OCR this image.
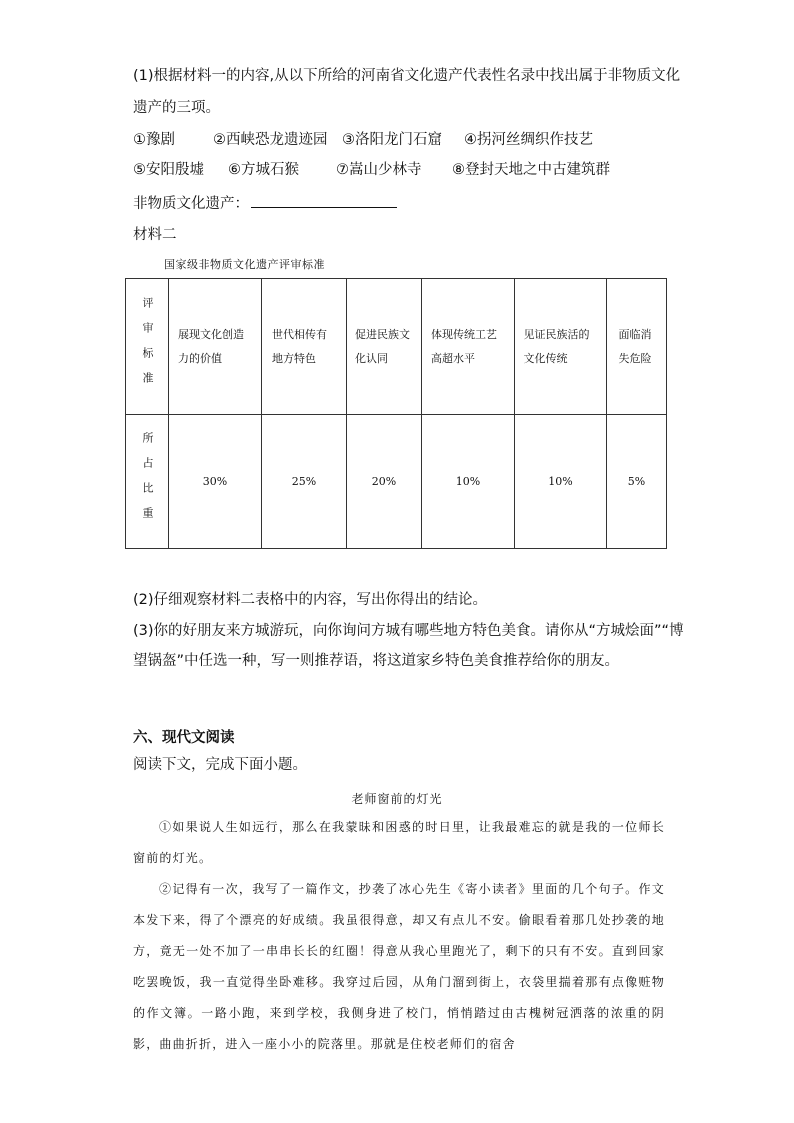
(1)根据材料一的内容,从以下所给的河南省文化遗产代表性名录中找出属于非物质文化
遗产的三项。
①豫剧	②西峡恐龙遗迹园 ③洛阳龙门石窟 ④拐河丝绸织作技艺
⑤安阳殷墟 ⑥方城石猴	⑦嵩山少林寺 ⑧登封天地之中古建筑群
非物质文化遗产：
材料二
国家级非物质文化遗产评审标准
评审标准	展现文化创造力的价值	世代相传有地方特色	促进民族文化认同	体现传统工艺高超水平	见证民族活的文化传统	面临消失危险

所占比重	30%	25%	20%	10%	10%	5%
(2)仔细观察材料二表格中的内容，写出你得出的结论。
(3)你的好朋友来方城游玩，向你询问方城有哪些地方特色美食。请你从“方城烩面”“博
望锅盔”中任选一种，写一则推荐语，将这道家乡特色美食推荐给你的朋友。
六、现代文阅读
阅读下文，完成下面小题。
老师窗前的灯光
①如果说人生如远行，那么在我蒙昧和困惑的时日里，让我最难忘的就是我的一位师长窗前的灯光。
②记得有一次，我写了一篇作文，抄袭了冰心先生《寄小读者》里面的几个句子。作文本发下来，得了个漂亮的好成绩。我虽很得意，却又有点儿不安。偷眼看着那几处抄袭的地方，竟无一处不加了一串串长长的红圈！得意从我心里跑光了，剩下的只有不安。直到回家吃罢晚饭，我一直觉得坐卧难移。我穿过后园，从角门溜到街上，衣袋里揣着那有点像赃物的作文簿。一路小跑，来到学校，我侧身进了校门，悄悄踏过由古槐树冠洒落的浓重的阴影，曲曲折折，进入一座小小的院落里。那就是住校老师们的宿舍
